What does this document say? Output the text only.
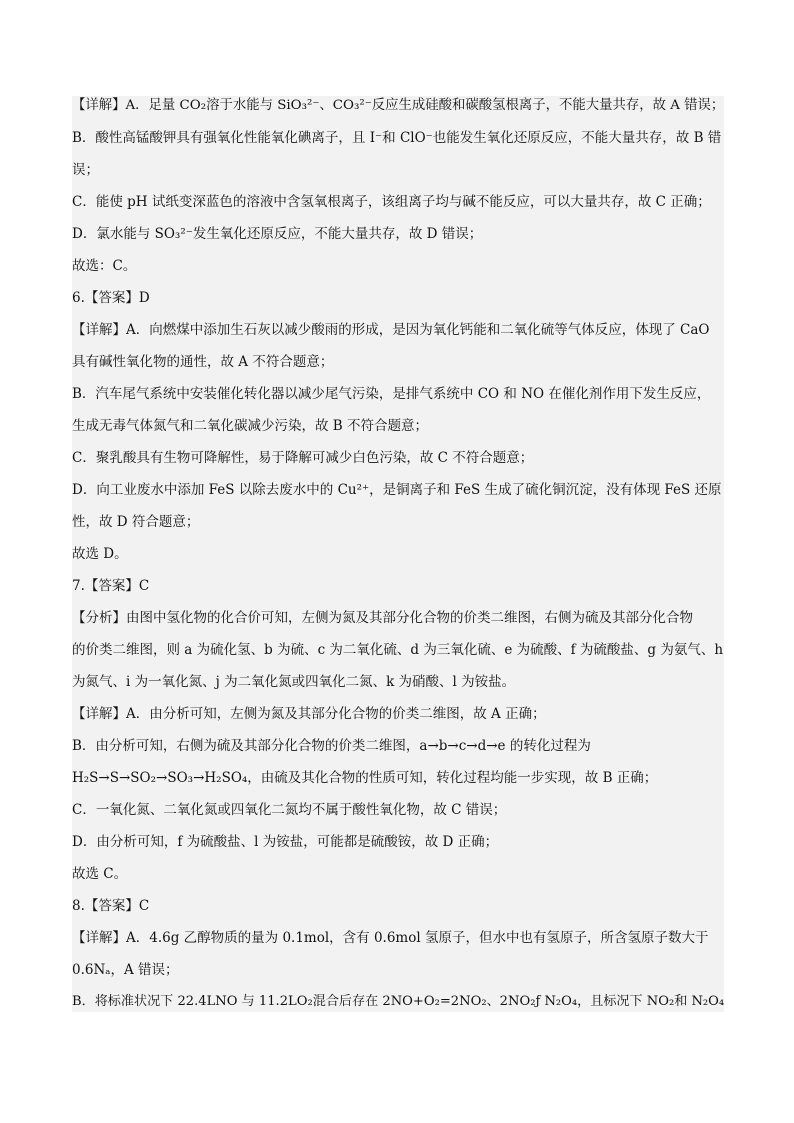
【详解】A．足量 CO₂溶于水能与 SiO₃²⁻、CO₃²⁻反应生成硅酸和碳酸氢根离子，不能大量共存，故 A 错误；
B．酸性高锰酸钾具有强氧化性能氧化碘离子，且 I⁻和 ClO⁻也能发生氧化还原反应，不能大量共存，故 B 错
误；
C．能使 pH 试纸变深蓝色的溶液中含氢氧根离子，该组离子均与碱不能反应，可以大量共存，故 C 正确；
D．氯水能与 SO₃²⁻发生氧化还原反应，不能大量共存，故 D 错误；
故选：C。
6.【答案】D
【详解】A．向燃煤中添加生石灰以减少酸雨的形成，是因为氧化钙能和二氧化硫等气体反应，体现了 CaO
具有碱性氧化物的通性，故 A 不符合题意；
B．汽车尾气系统中安装催化转化器以减少尾气污染，是排气系统中 CO 和 NO 在催化剂作用下发生反应，
生成无毒气体氮气和二氧化碳减少污染，故 B 不符合题意；
C．聚乳酸具有生物可降解性，易于降解可减少白色污染，故 C 不符合题意；
D．向工业废水中添加 FeS 以除去废水中的 Cu²⁺，是铜离子和 FeS 生成了硫化铜沉淀，没有体现 FeS 还原
性，故 D 符合题意；
故选 D。
7.【答案】C
【分析】由图中氢化物的化合价可知，左侧为氮及其部分化合物的价类二维图，右侧为硫及其部分化合物
的价类二维图，则 a 为硫化氢、b 为硫、c 为二氧化硫、d 为三氧化硫、e 为硫酸、f 为硫酸盐、g 为氨气、h
为氮气、i 为一氧化氮、j 为二氧化氮或四氧化二氮、k 为硝酸、l 为铵盐。
【详解】A．由分析可知，左侧为氮及其部分化合物的价类二维图，故 A 正确；
B．由分析可知，右侧为硫及其部分化合物的价类二维图，a→b→c→d→e 的转化过程为
H₂S→S→SO₂→SO₃→H₂SO₄，由硫及其化合物的性质可知，转化过程均能一步实现，故 B 正确；
C．一氧化氮、二氧化氮或四氧化二氮均不属于酸性氧化物，故 C 错误；
D．由分析可知，f 为硫酸盐、l 为铵盐，可能都是硫酸铵，故 D 正确；
故选 C。
8.【答案】C
【详解】A．4.6g 乙醇物质的量为 0.1mol，含有 0.6mol 氢原子，但水中也有氢原子，所含氢原子数大于
0.6Nₐ，A 错误；
B．将标准状况下 22.4LNO 与 11.2LO₂混合后存在 2NO+O₂=2NO₂、2NO₂ƒ N₂O₄，且标况下 NO₂和 N₂O₄
